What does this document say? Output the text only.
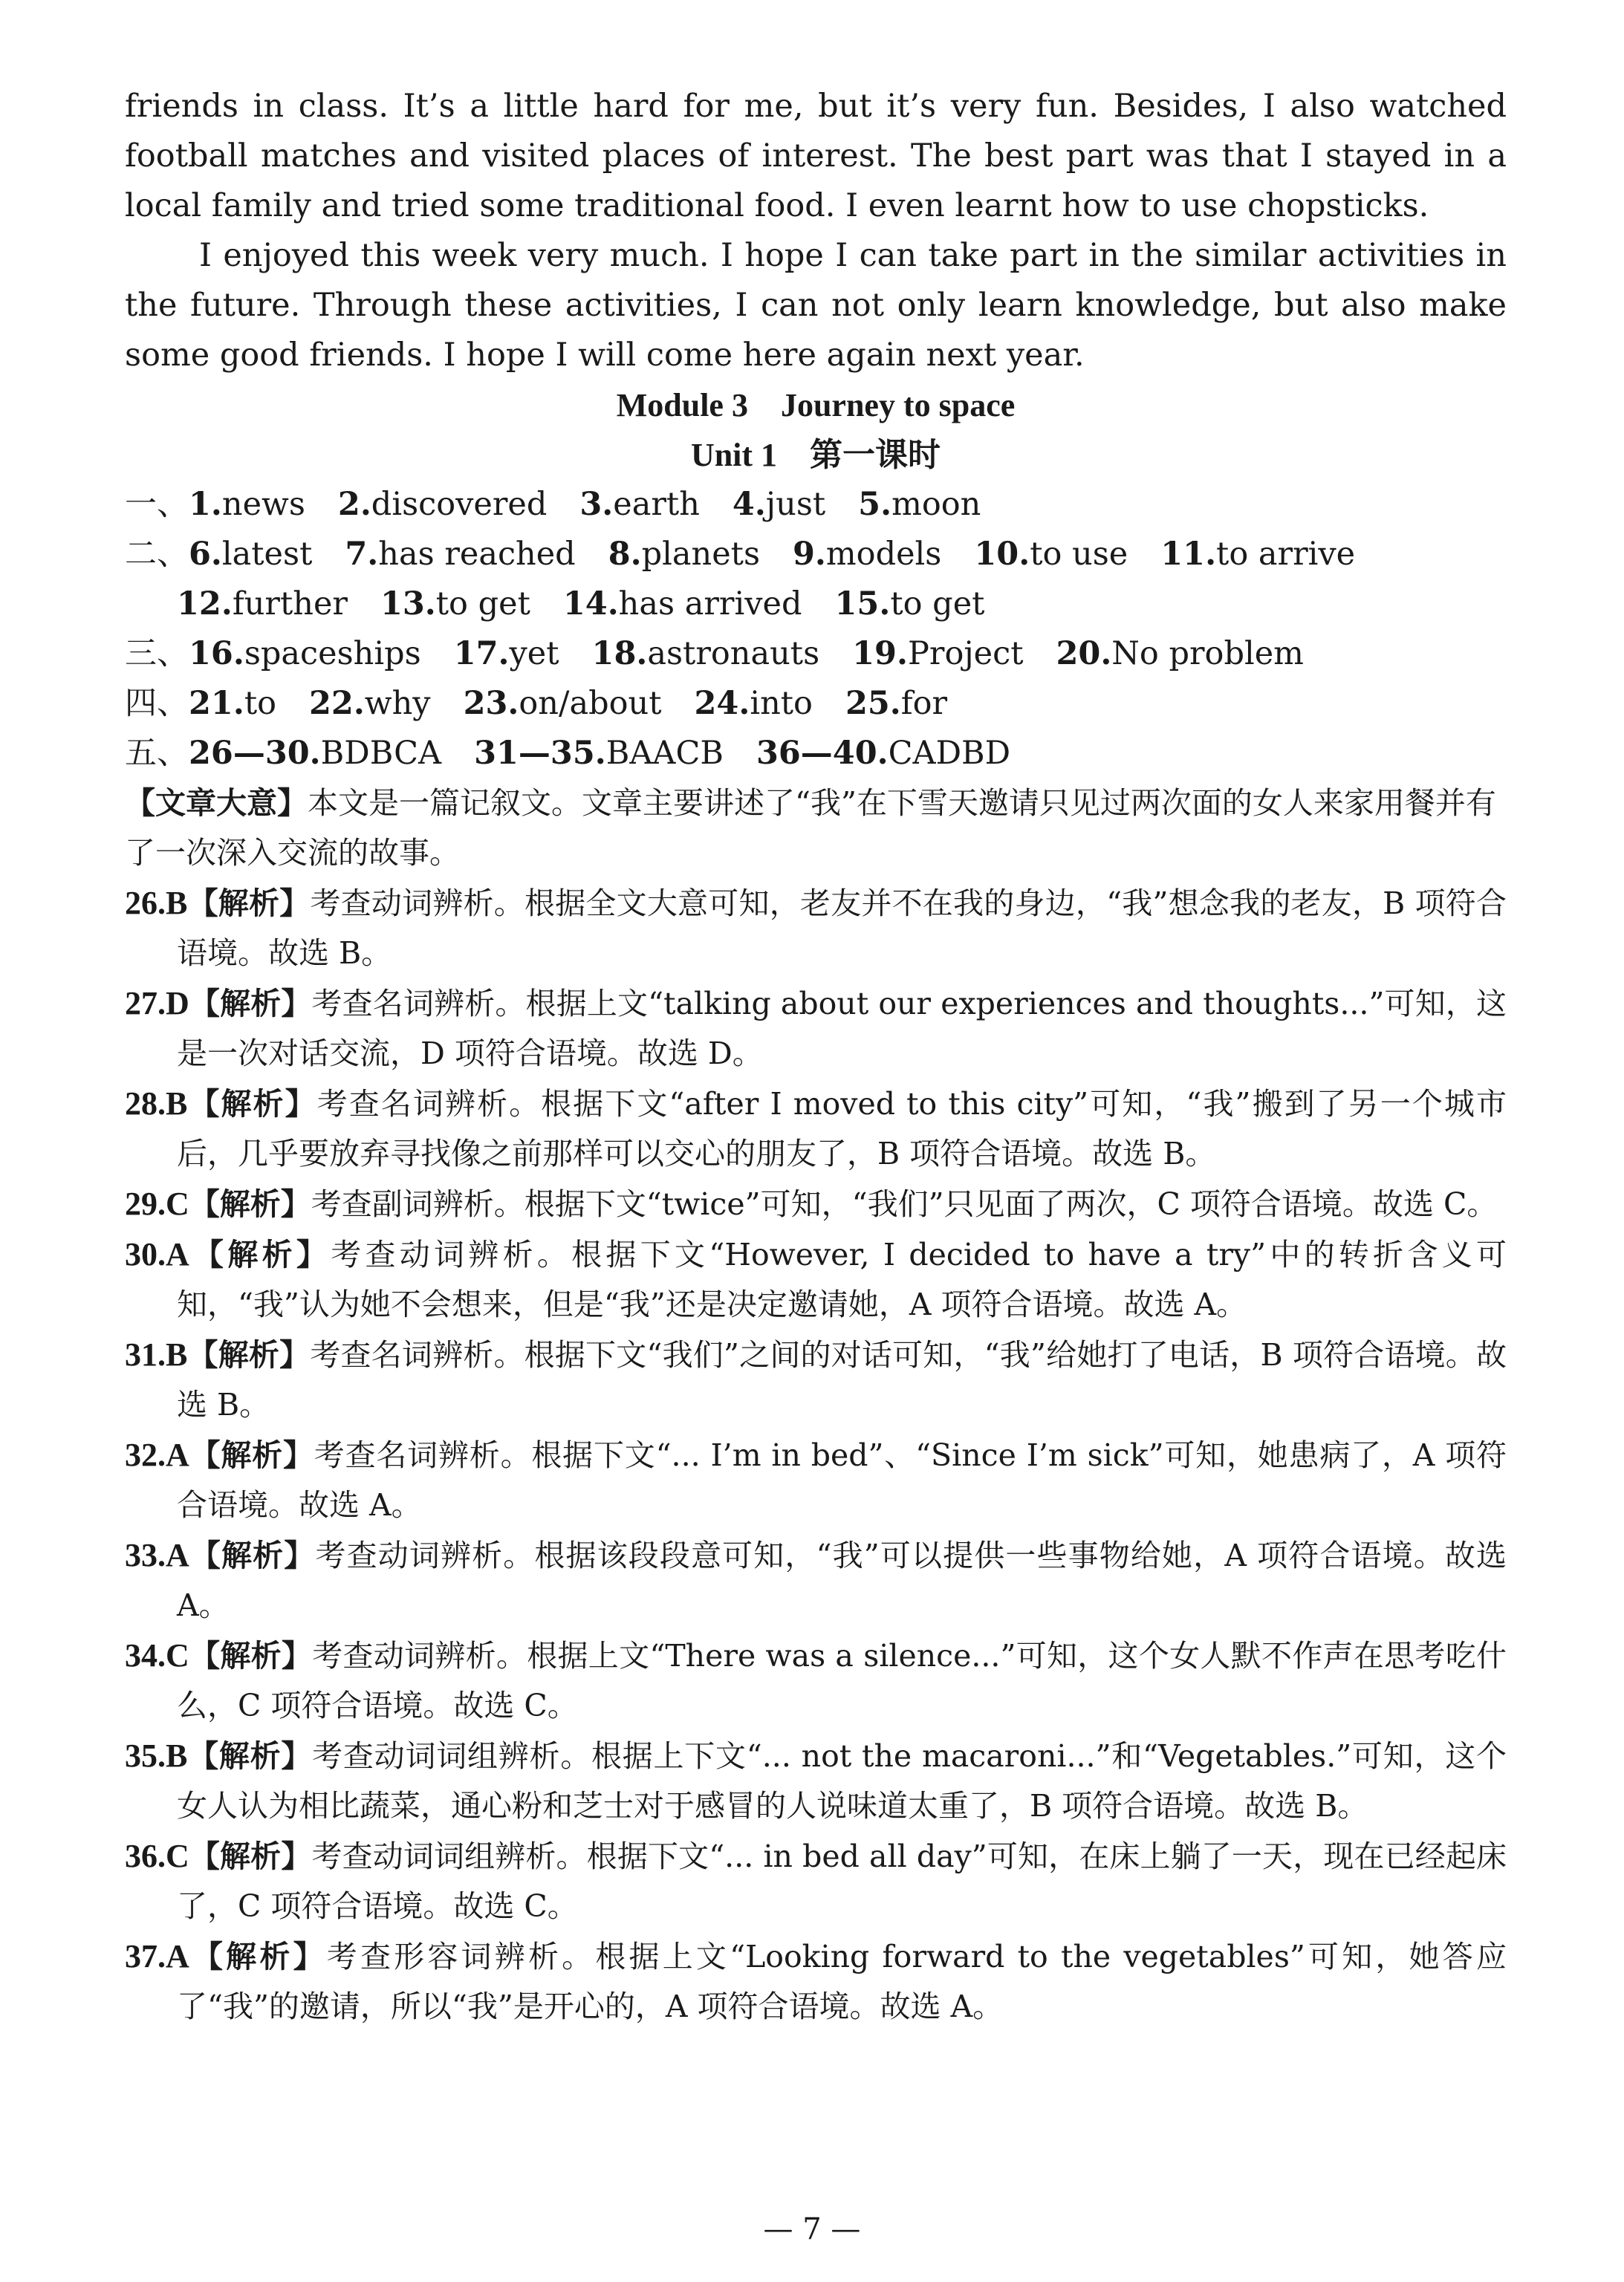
friends in class. It’s a little hard for me, but it’s very fun. Besides, I also watched football matches and visited places of interest. The best part was that I stayed in a local family and tried some traditional food. I even learnt how to use chopsticks.

I enjoyed this week very much. I hope I can take part in the similar activities in the future. Through these activities, I can not only learn knowledge, but also make some good friends. I hope I will come here again next year.

Module 3    Journey to space

Unit 1    第一课时

一、1.news 2.discovered 3.earth 4.just 5.moon

二、6.latest 7.has reached 8.planets 9.models 10.to use 11.to arrive

12.further 13.to get 14.has arrived 15.to get

三、16.spaceships 17.yet 18.astronauts 19.Project 20.No problem

四、21.to 22.why 23.on/about 24.into 25.for

五、26—30.BDBCA 31—35.BAACB 36—40.CADBD

【文章大意】本文是一篇记叙文。文章主要讲述了“我”在下雪天邀请只见过两次面的女人来家用餐并有了一次深入交流的故事。

26.B【解析】考查动词辨析。根据全文大意可知，老友并不在我的身边，“我”想念我的老友，B 项符合语境。故选 B。

27.D【解析】考查名词辨析。根据上文“talking about our experiences and thoughts...”可知，这是一次对话交流，D 项符合语境。故选 D。

28.B【解析】考查名词辨析。根据下文“after I moved to this city”可知，“我”搬到了另一个城市后，几乎要放弃寻找像之前那样可以交心的朋友了，B 项符合语境。故选 B。

29.C【解析】考查副词辨析。根据下文“twice”可知，“我们”只见面了两次，C 项符合语境。故选 C。

30.A【解析】考查动词辨析。根据下文“However, I decided to have a try”中的转折含义可知，“我”认为她不会想来，但是“我”还是决定邀请她，A 项符合语境。故选 A。

31.B【解析】考查名词辨析。根据下文“我们”之间的对话可知，“我”给她打了电话，B 项符合语境。故选 B。

32.A【解析】考查名词辨析。根据下文“... I’m in bed”、“Since I’m sick”可知，她患病了，A 项符合语境。故选 A。

33.A【解析】考查动词辨析。根据该段段意可知，“我”可以提供一些事物给她，A 项符合语境。故选 A。

34.C【解析】考查动词辨析。根据上文“There was a silence...”可知，这个女人默不作声在思考吃什么，C 项符合语境。故选 C。

35.B【解析】考查动词词组辨析。根据上下文“... not the macaroni...”和“Vegetables.”可知，这个女人认为相比蔬菜，通心粉和芝士对于感冒的人说味道太重了，B 项符合语境。故选 B。

36.C【解析】考查动词词组辨析。根据下文“... in bed all day”可知，在床上躺了一天，现在已经起床了，C 项符合语境。故选 C。

37.A【解析】考查形容词辨析。根据上文“Looking forward to the vegetables”可知，她答应了“我”的邀请，所以“我”是开心的，A 项符合语境。故选 A。

— 7 —
